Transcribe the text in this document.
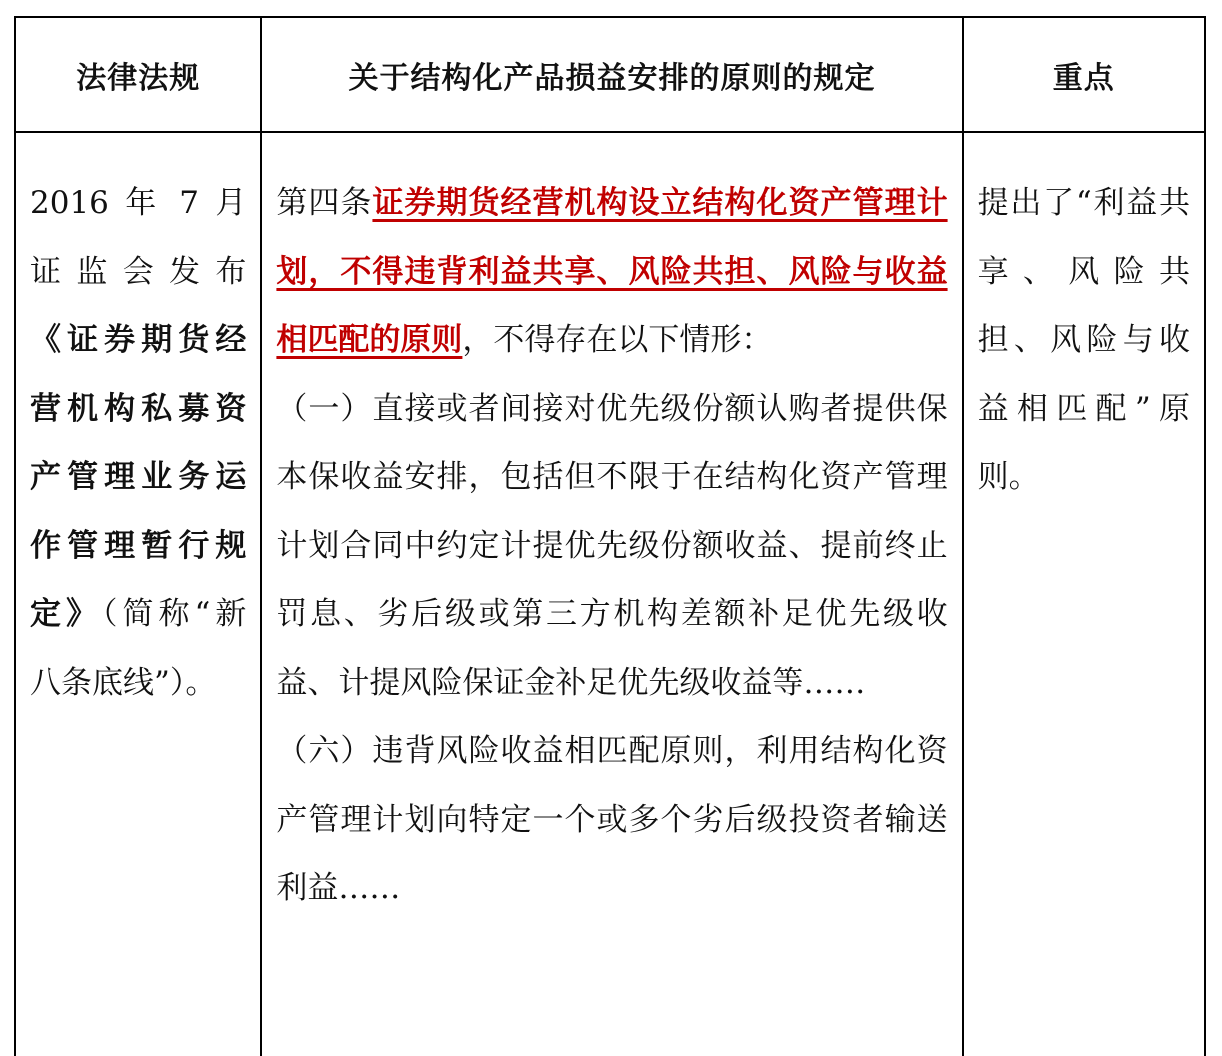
法律法规	关于结构化产品损益安排的原则的规定	重点

2016 年 7 月证监会发布《证券期货经营机构私募资产管理业务运作管理暂行规定》（简称“新八条底线”）。	第四条证券期货经营机构设立结构化资产管理计划，不得违背利益共享、风险共担、风险与收益相匹配的原则，不得存在以下情形：

（一）直接或者间接对优先级份额认购者提供保本保收益安排，包括但不限于在结构化资产管理计划合同中约定计提优先级份额收益、提前终止罚息、劣后级或第三方机构差额补足优先级收益、计提风险保证金补足优先级收益等……

（六）违背风险收益相匹配原则，利用结构化资产管理计划向特定一个或多个劣后级投资者输送利益……	提出了“利益共享、风险共担、风险与收益相匹配”原则。
